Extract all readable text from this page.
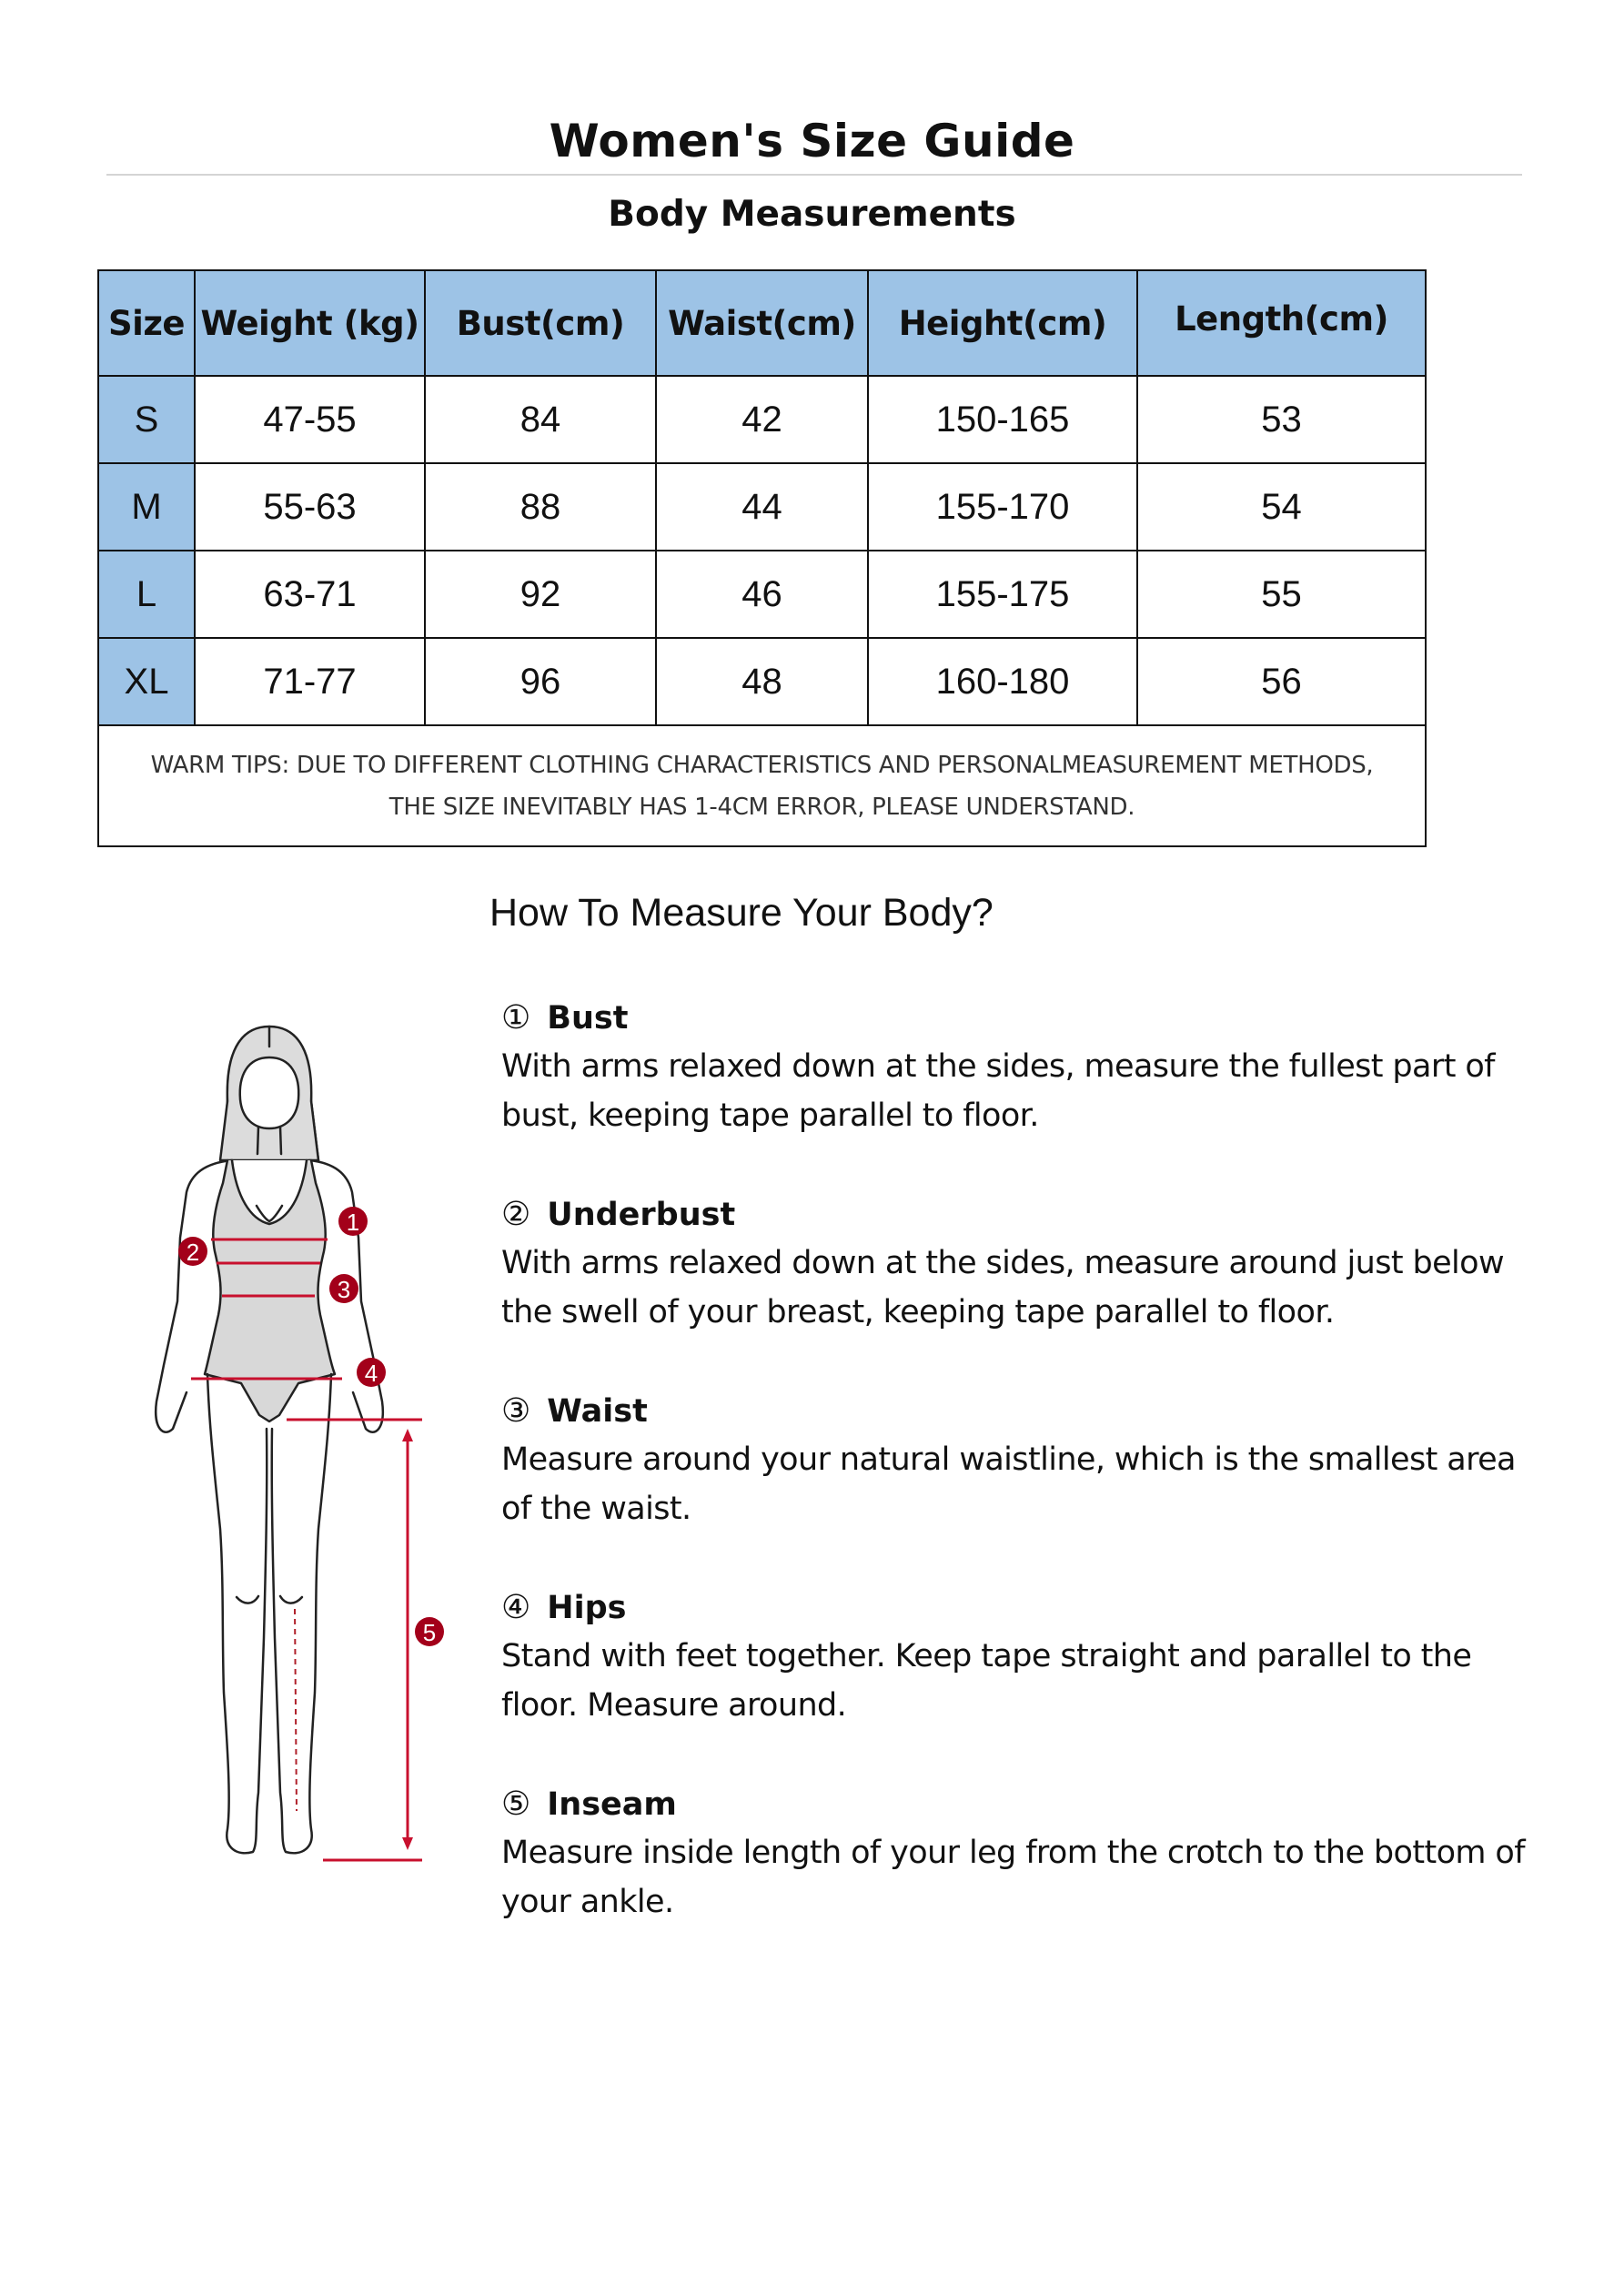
Women's Size Guide
Body Measurements
Size	Weight (kg)	Bust(cm)	Waist(cm)	Height(cm)	Length(cm)
S	47-55	84	42	150-165	53
M	55-63	88	44	155-170	54
L	63-71	92	46	155-175	55
XL	71-77	96	48	160-180	56

WARM TIPS: DUE TO DIFFERENT CLOTHING CHARACTERISTICS AND PERSONALMEASUREMENT METHODS,
THE SIZE INEVITABLY HAS 1-4CM ERROR, PLEASE UNDERSTAND.					
How To Measure Your Body?
1
2
3
4
5
① Bust
With arms relaxed down at the sides, measure the fullest part of bust, keeping tape parallel to floor.
② Underbust
With arms relaxed down at the sides, measure around just below the swell of your breast, keeping tape parallel to floor.
③ Waist
Measure around your natural waistline, which is the smallest area of the waist.
④ Hips
Stand with feet together. Keep tape straight and parallel to the floor. Measure around.
⑤ Inseam
Measure inside length of your leg from the crotch to the bottom of your ankle.
